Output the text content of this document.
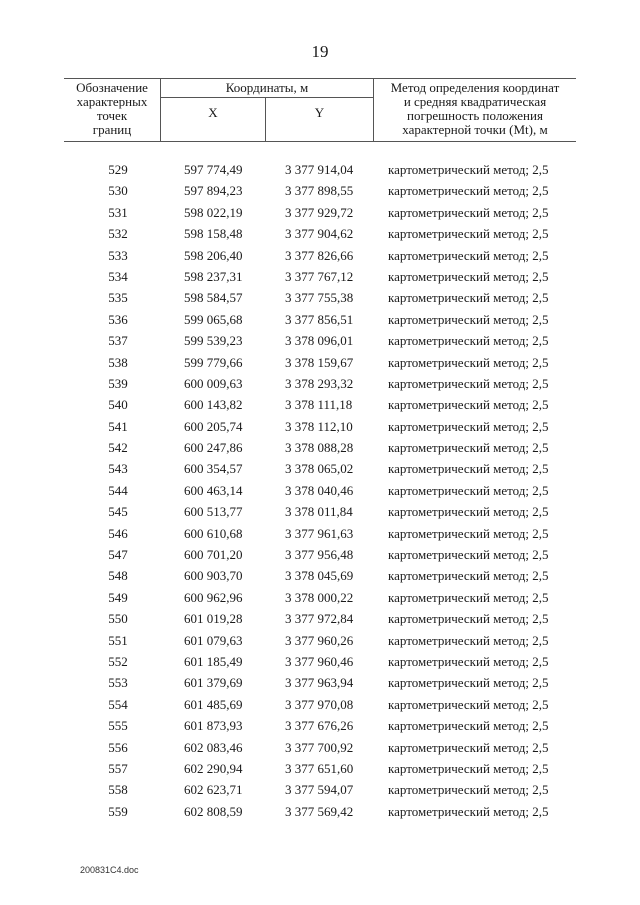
19
Обозначение
характерных
точек
границ
Координаты, м
X	Y
Метод определения координат
и средняя квадратическая
погрешность положения
характерной точки (Mt), м
529	597 774,49	3 377 914,04	картометрический метод; 2,5
530	597 894,23	3 377 898,55	картометрический метод; 2,5
531	598 022,19	3 377 929,72	картометрический метод; 2,5
532	598 158,48	3 377 904,62	картометрический метод; 2,5
533	598 206,40	3 377 826,66	картометрический метод; 2,5
534	598 237,31	3 377 767,12	картометрический метод; 2,5
535	598 584,57	3 377 755,38	картометрический метод; 2,5
536	599 065,68	3 377 856,51	картометрический метод; 2,5
537	599 539,23	3 378 096,01	картометрический метод; 2,5
538	599 779,66	3 378 159,67	картометрический метод; 2,5
539	600 009,63	3 378 293,32	картометрический метод; 2,5
540	600 143,82	3 378 111,18	картометрический метод; 2,5
541	600 205,74	3 378 112,10	картометрический метод; 2,5
542	600 247,86	3 378 088,28	картометрический метод; 2,5
543	600 354,57	3 378 065,02	картометрический метод; 2,5
544	600 463,14	3 378 040,46	картометрический метод; 2,5
545	600 513,77	3 378 011,84	картометрический метод; 2,5
546	600 610,68	3 377 961,63	картометрический метод; 2,5
547	600 701,20	3 377 956,48	картометрический метод; 2,5
548	600 903,70	3 378 045,69	картометрический метод; 2,5
549	600 962,96	3 378 000,22	картометрический метод; 2,5
550	601 019,28	3 377 972,84	картометрический метод; 2,5
551	601 079,63	3 377 960,26	картометрический метод; 2,5
552	601 185,49	3 377 960,46	картометрический метод; 2,5
553	601 379,69	3 377 963,94	картометрический метод; 2,5
554	601 485,69	3 377 970,08	картометрический метод; 2,5
555	601 873,93	3 377 676,26	картометрический метод; 2,5
556	602 083,46	3 377 700,92	картометрический метод; 2,5
557	602 290,94	3 377 651,60	картометрический метод; 2,5
558	602 623,71	3 377 594,07	картометрический метод; 2,5
559	602 808,59	3 377 569,42	картометрический метод; 2,5
200831C4.doc
